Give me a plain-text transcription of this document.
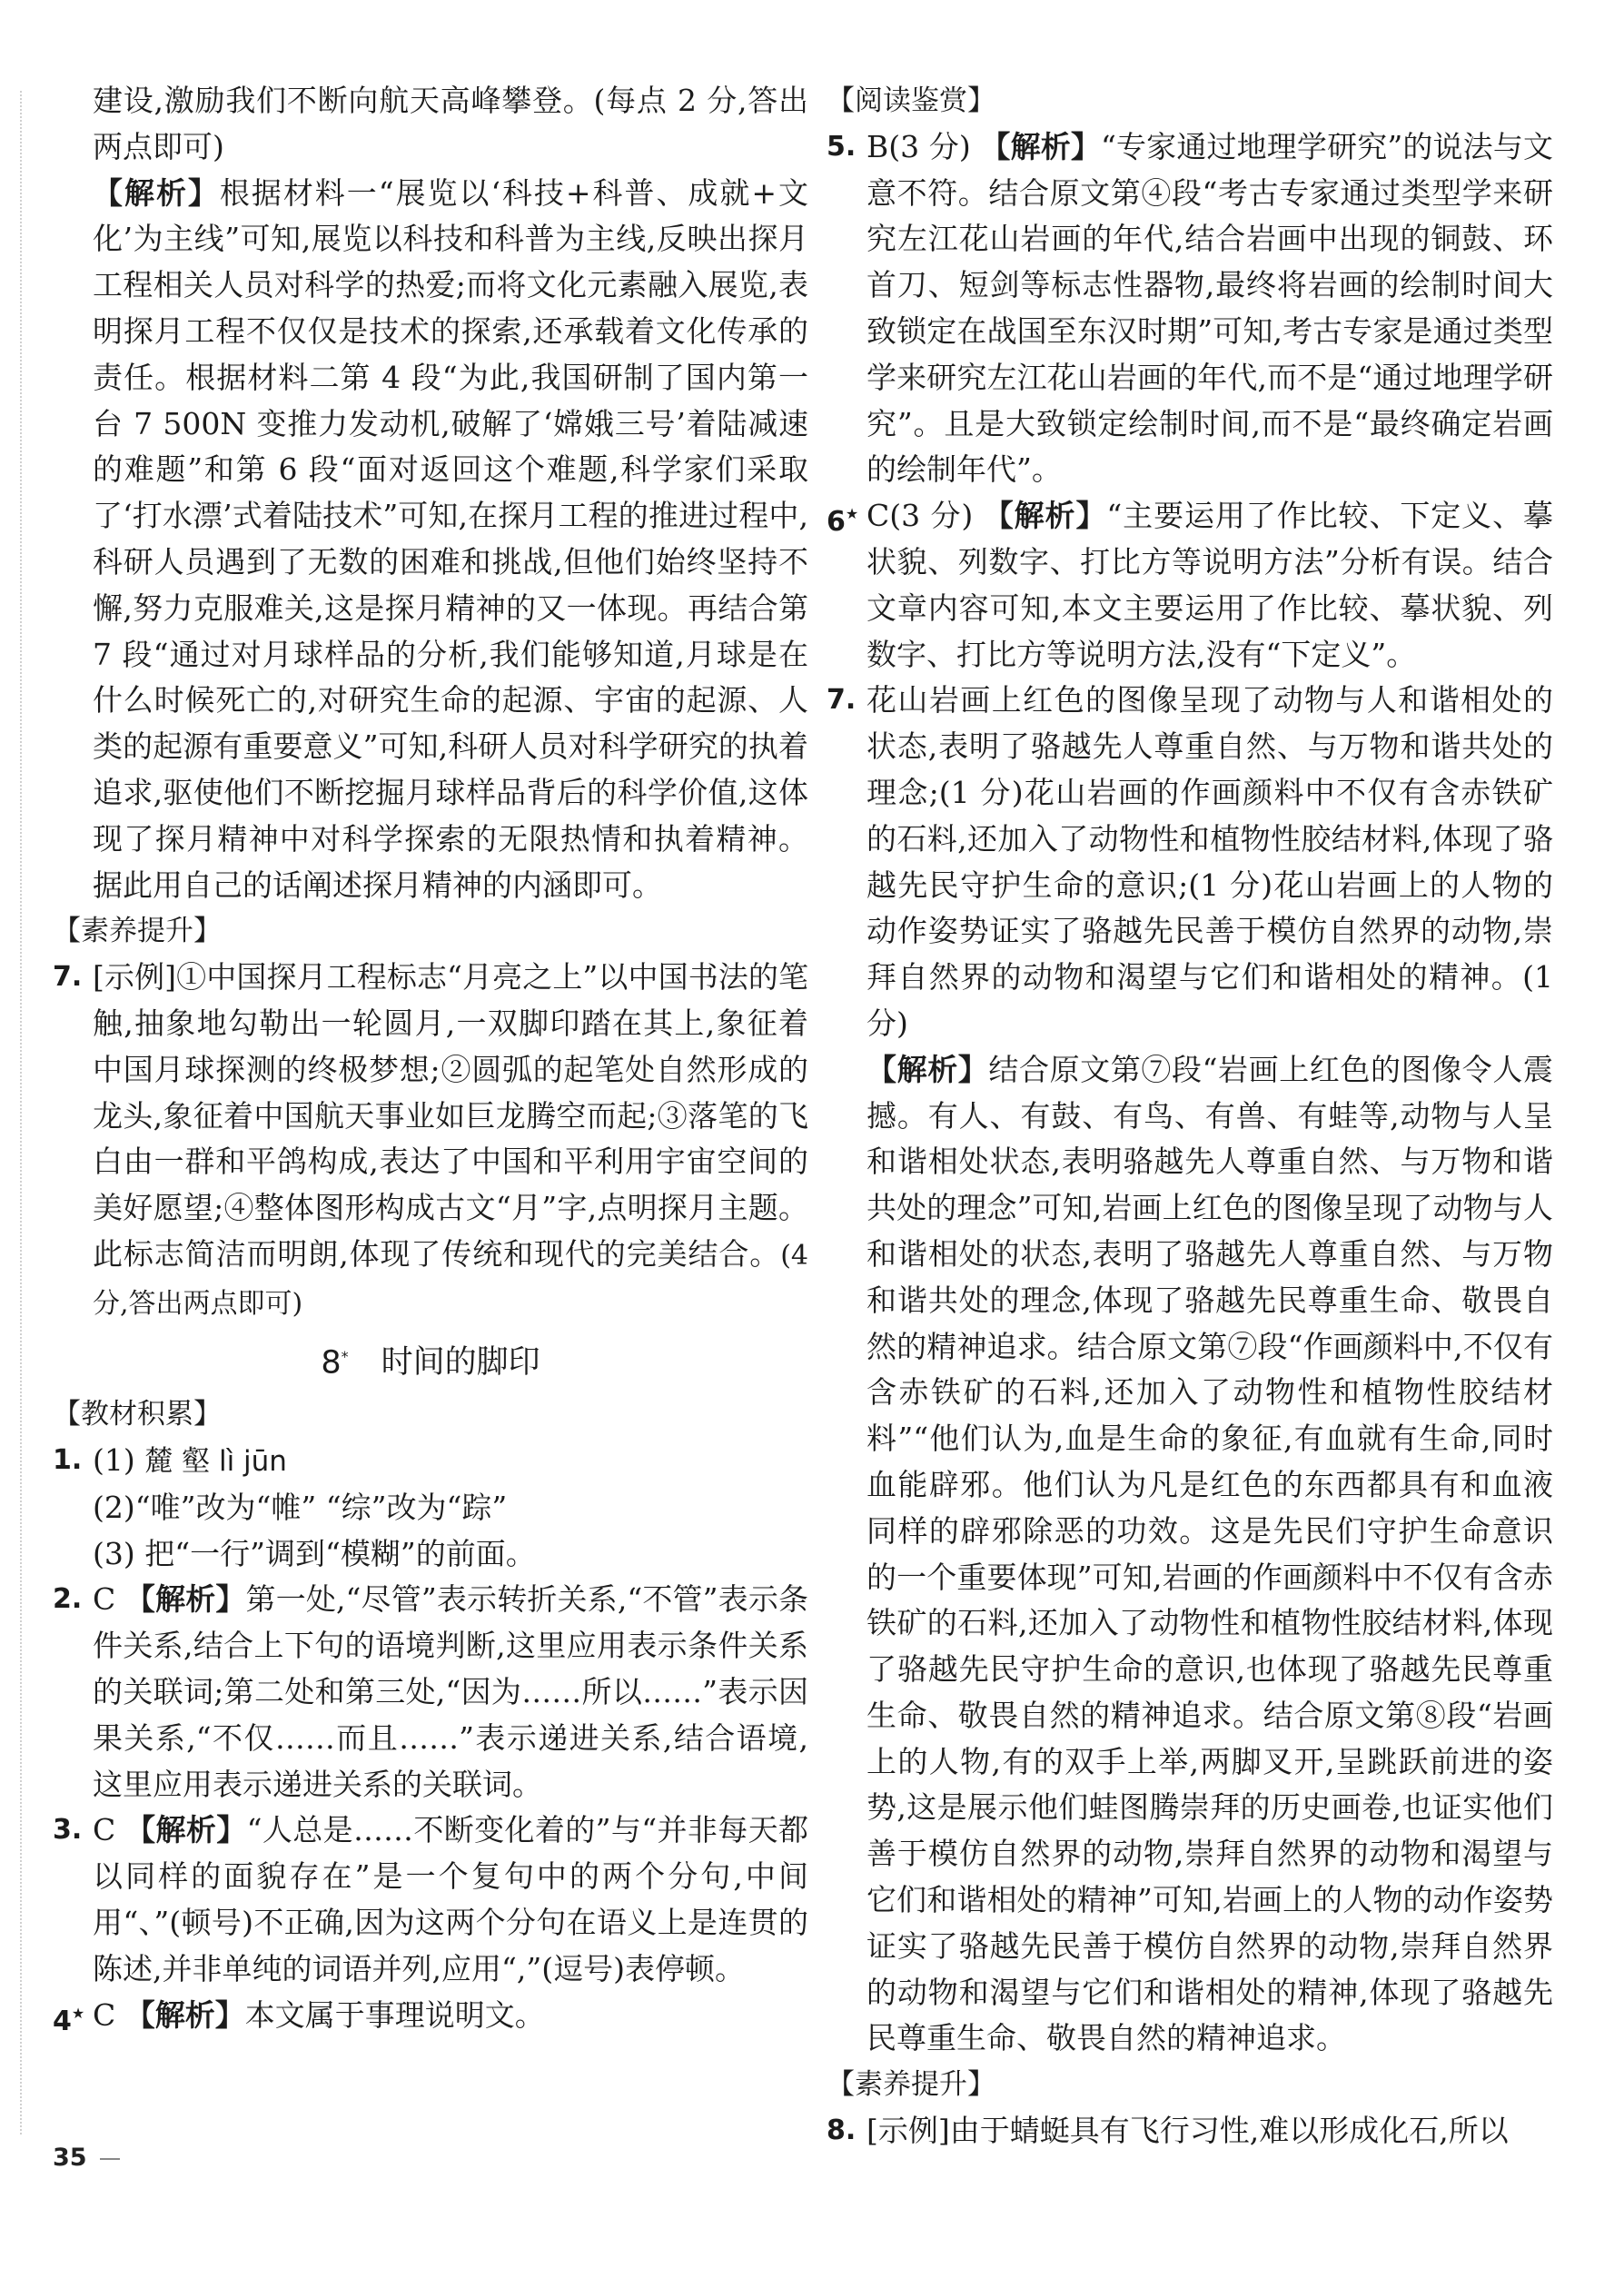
建设,激励我们不断向航天高峰攀登。(每点 2 分,答出两点即可)

【解析】根据材料一“展览以‘科技+科普、成就+文化’为主线”可知,展览以科技和科普为主线,反映出探月工程相关人员对科学的热爱;而将文化元素融入展览,表明探月工程不仅仅是技术的探索,还承载着文化传承的责任。根据材料二第 4 段“为此,我国研制了国内第一台 7 500N 变推力发动机,破解了‘嫦娥三号’着陆减速的难题”和第 6 段“面对返回这个难题,科学家们采取了‘打水漂’式着陆技术”可知,在探月工程的推进过程中,科研人员遇到了无数的困难和挑战,但他们始终坚持不懈,努力克服难关,这是探月精神的又一体现。再结合第 7 段“通过对月球样品的分析,我们能够知道,月球是在什么时候死亡的,对研究生命的起源、宇宙的起源、人类的起源有重要意义”可知,科研人员对科学研究的执着追求,驱使他们不断挖掘月球样品背后的科学价值,这体现了探月精神中对科学探索的无限热情和执着精神。据此用自己的话阐述探月精神的内涵即可。

【素养提升】

7. [示例]①中国探月工程标志“月亮之上”以中国书法的笔触,抽象地勾勒出一轮圆月,一双脚印踏在其上,象征着中国月球探测的终极梦想;②圆弧的起笔处自然形成的龙头,象征着中国航天事业如巨龙腾空而起;③落笔的飞白由一群和平鸽构成,表达了中国和平利用宇宙空间的美好愿望;④整体图形构成古文“月”字,点明探月主题。此标志简洁而明朗,体现了传统和现代的完美结合。(4 分,答出两点即可)

8* 时间的脚印

【教材积累】

1. (1) 麓 壑 lì jūn

(2)“唯”改为“帷” “综”改为“踪”

(3) 把“一行”调到“模糊”的前面。

2. C 【解析】第一处,“尽管”表示转折关系,“不管”表示条件关系,结合上下句的语境判断,这里应用表示条件关系的关联词;第二处和第三处,“因为……所以……”表示因果关系,“不仅……而且……”表示递进关系,结合语境,这里应用表示递进关系的关联词。

3. C 【解析】“人总是……不断变化着的”与“并非每天都以同样的面貌存在”是一个复句中的两个分句,中间用“、”(顿号)不正确,因为这两个分句在语义上是连贯的陈述,并非单纯的词语并列,应用“,”(逗号)表停顿。

4★ C 【解析】本文属于事理说明文。

【阅读鉴赏】

5. B(3 分) 【解析】“专家通过地理学研究”的说法与文意不符。结合原文第④段“考古专家通过类型学来研究左江花山岩画的年代,结合岩画中出现的铜鼓、环首刀、短剑等标志性器物,最终将岩画的绘制时间大致锁定在战国至东汉时期”可知,考古专家是通过类型学来研究左江花山岩画的年代,而不是“通过地理学研究”。且是大致锁定绘制时间,而不是“最终确定岩画的绘制年代”。

6★ C(3 分) 【解析】“主要运用了作比较、下定义、摹状貌、列数字、打比方等说明方法”分析有误。结合文章内容可知,本文主要运用了作比较、摹状貌、列数字、打比方等说明方法,没有“下定义”。

7. 花山岩画上红色的图像呈现了动物与人和谐相处的状态,表明了骆越先人尊重自然、与万物和谐共处的理念;(1 分)花山岩画的作画颜料中不仅有含赤铁矿的石料,还加入了动物性和植物性胶结材料,体现了骆越先民守护生命的意识;(1 分)花山岩画上的人物的动作姿势证实了骆越先民善于模仿自然界的动物,崇拜自然界的动物和渴望与它们和谐相处的精神。(1 分)

【解析】结合原文第⑦段“岩画上红色的图像令人震撼。有人、有鼓、有鸟、有兽、有蛙等,动物与人呈和谐相处状态,表明骆越先人尊重自然、与万物和谐共处的理念”可知,岩画上红色的图像呈现了动物与人和谐相处的状态,表明了骆越先人尊重自然、与万物和谐共处的理念,体现了骆越先民尊重生命、敬畏自然的精神追求。结合原文第⑦段“作画颜料中,不仅有含赤铁矿的石料,还加入了动物性和植物性胶结材料”“他们认为,血是生命的象征,有血就有生命,同时血能辟邪。他们认为凡是红色的东西都具有和血液同样的辟邪除恶的功效。这是先民们守护生命意识的一个重要体现”可知,岩画的作画颜料中不仅有含赤铁矿的石料,还加入了动物性和植物性胶结材料,体现了骆越先民守护生命的意识,也体现了骆越先民尊重生命、敬畏自然的精神追求。结合原文第⑧段“岩画上的人物,有的双手上举,两脚叉开,呈跳跃前进的姿势,这是展示他们蛙图腾崇拜的历史画卷,也证实他们善于模仿自然界的动物,崇拜自然界的动物和渴望与它们和谐相处的精神”可知,岩画上的人物的动作姿势证实了骆越先民善于模仿自然界的动物,崇拜自然界的动物和渴望与它们和谐相处的精神,体现了骆越先民尊重生命、敬畏自然的精神追求。

【素养提升】

8. [示例]由于蜻蜓具有飞行习性,难以形成化石,所以

35
